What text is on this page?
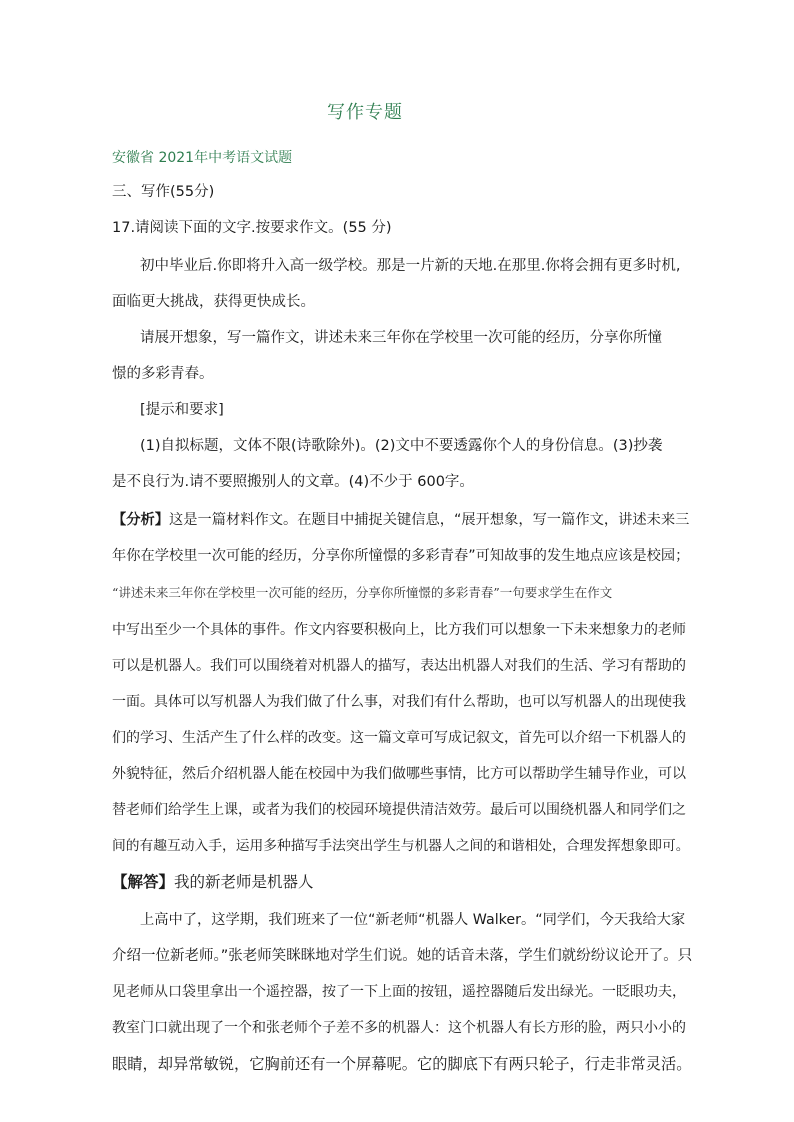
写作专题
安徽省 2021年中考语文试题
三、写作(55分)
17.请阅读下面的文字.按要求作文。(55 分)
初中毕业后.你即将升入高一级学校。那是一片新的天地.在那里.你将会拥有更多时机,
面临更大挑战，获得更快成长。
请展开想象，写一篇作文，讲述未来三年你在学校里一次可能的经历，分享你所憧
憬的多彩青春。
[提示和要求]
(1)自拟标题，文体不限(诗歌除外)。(2)文中不要透露你个人的身份信息。(3)抄袭
是不良行为.请不要照搬别人的文章。(4)不少于 600字。
【分析】这是一篇材料作文。在题目中捕捉关键信息，“展开想象，写一篇作文，讲述未来三
年你在学校里一次可能的经历，分享你所憧憬的多彩青春”可知故事的发生地点应该是校园；
“讲述未来三年你在学校里一次可能的经历，分享你所憧憬的多彩青春”一句要求学生在作文
中写出至少一个具体的事件。作文内容要积极向上，比方我们可以想象一下未来想象力的老师
可以是机器人。我们可以围绕着对机器人的描写，表达出机器人对我们的生活、学习有帮助的
一面。具体可以写机器人为我们做了什么事，对我们有什么帮助，也可以写机器人的出现使我
们的学习、生活产生了什么样的改变。这一篇文章可写成记叙文，首先可以介绍一下机器人的
外貌特征，然后介绍机器人能在校园中为我们做哪些事情，比方可以帮助学生辅导作业，可以
替老师们给学生上课，或者为我们的校园环境提供清洁效劳。最后可以围绕机器人和同学们之
间的有趣互动入手，运用多种描写手法突出学生与机器人之间的和谐相处，合理发挥想象即可。
【解答】我的新老师是机器人
上高中了，这学期，我们班来了一位“新老师“机器人 Walker。“同学们，今天我给大家
介绍一位新老师。”张老师笑眯眯地对学生们说。她的话音未落，学生们就纷纷议论开了。只
见老师从口袋里拿出一个遥控器，按了一下上面的按钮，遥控器随后发出绿光。一眨眼功夫，
教室门口就出现了一个和张老师个子差不多的机器人：这个机器人有长方形的脸，两只小小的
眼睛，却异常敏锐，它胸前还有一个屏幕呢。它的脚底下有两只轮子，行走非常灵活。
